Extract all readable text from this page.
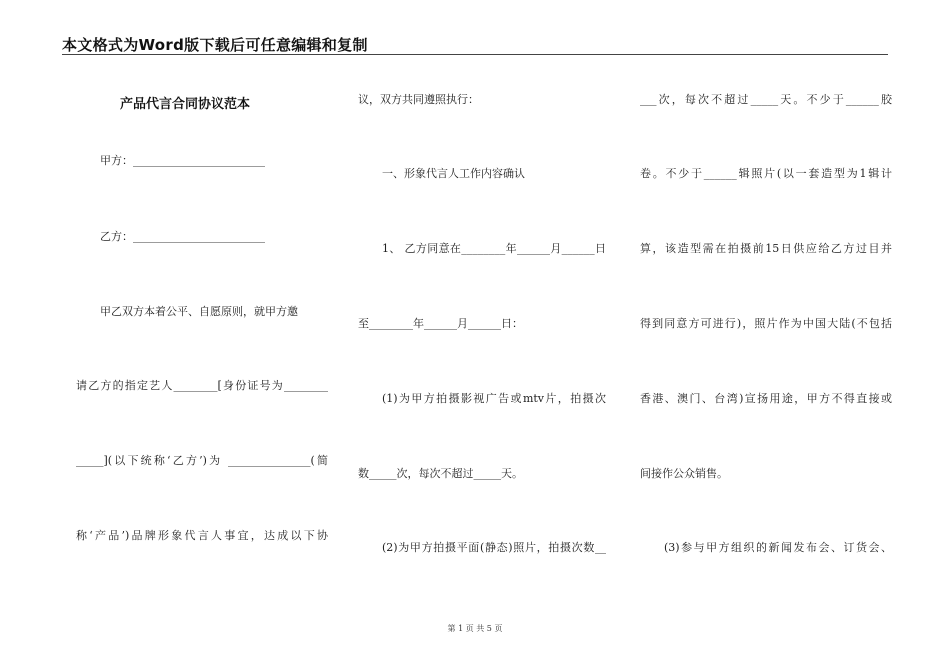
本文格式为Word版下载后可任意编辑和复制
产品代言合同协议范本
甲方：________________________
乙方：________________________
甲乙双方本着公平、自愿原则，就甲方邀
请乙方的指定艺人________[身份证号为________
_____](以下统称‘乙方’)为 _______________(简
称‘产品’)品牌形象代言人事宜，达成以下协
议，双方共同遵照执行：
一、形象代言人工作内容确认
1、 乙方同意在________年______月______日
至________年______月______日：
(1)为甲方拍摄影视广告或mtv片，拍摄次
数_____次，每次不超过_____天。
(2)为甲方拍摄平面(静态)照片，拍摄次数__
___次，每次不超过_____天。不少于______胶
卷。不少于______辑照片(以一套造型为1辑计
算，该造型需在拍摄前15日供应给乙方过目并
得到同意方可进行)，照片作为中国大陆(不包括
香港、澳门、台湾)宣扬用途，甲方不得直接或
间接作公众销售。
(3)参与甲方组织的新闻发布会、订货会、
第 1 页 共 5 页
